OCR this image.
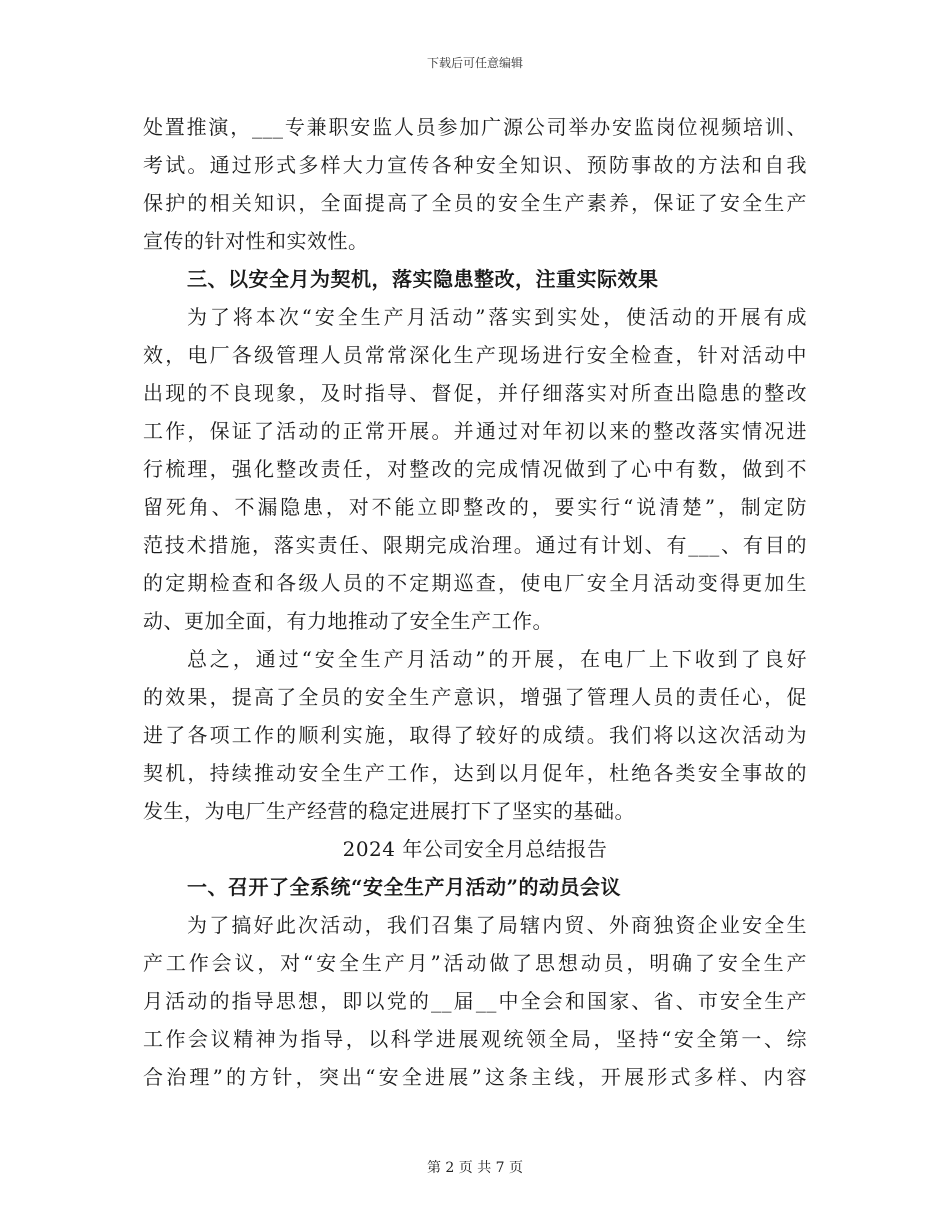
下载后可任意编辑
处置推演，___专兼职安监人员参加广源公司举办安监岗位视频培训、
考试。通过形式多样大力宣传各种安全知识、预防事故的方法和自我
保护的相关知识，全面提高了全员的安全生产素养，保证了安全生产
宣传的针对性和实效性。
三、以安全月为契机，落实隐患整改，注重实际效果
为了将本次“安全生产月活动”落实到实处，使活动的开展有成
效，电厂各级管理人员常常深化生产现场进行安全检查，针对活动中
出现的不良现象，及时指导、督促，并仔细落实对所查出隐患的整改
工作，保证了活动的正常开展。并通过对年初以来的整改落实情况进
行梳理，强化整改责任，对整改的完成情况做到了心中有数，做到不
留死角、不漏隐患，对不能立即整改的，要实行“说清楚”，制定防
范技术措施，落实责任、限期完成治理。通过有计划、有___、有目的
的定期检查和各级人员的不定期巡查，使电厂安全月活动变得更加生
动、更加全面，有力地推动了安全生产工作。
总之，通过“安全生产月活动”的开展，在电厂上下收到了良好
的效果，提高了全员的安全生产意识，增强了管理人员的责任心，促
进了各项工作的顺利实施，取得了较好的成绩。我们将以这次活动为
契机，持续推动安全生产工作，达到以月促年，杜绝各类安全事故的
发生，为电厂生产经营的稳定进展打下了坚实的基础。
2024 年公司安全月总结报告
一、召开了全系统“安全生产月活动”的动员会议
为了搞好此次活动，我们召集了局辖内贸、外商独资企业安全生
产工作会议，对“安全生产月”活动做了思想动员，明确了安全生产
月活动的指导思想，即以党的__届__中全会和国家、省、市安全生产
工作会议精神为指导，以科学进展观统领全局，坚持“安全第一、综
合治理”的方针，突出“安全进展”这条主线，开展形式多样、内容
第 2 页 共 7 页
